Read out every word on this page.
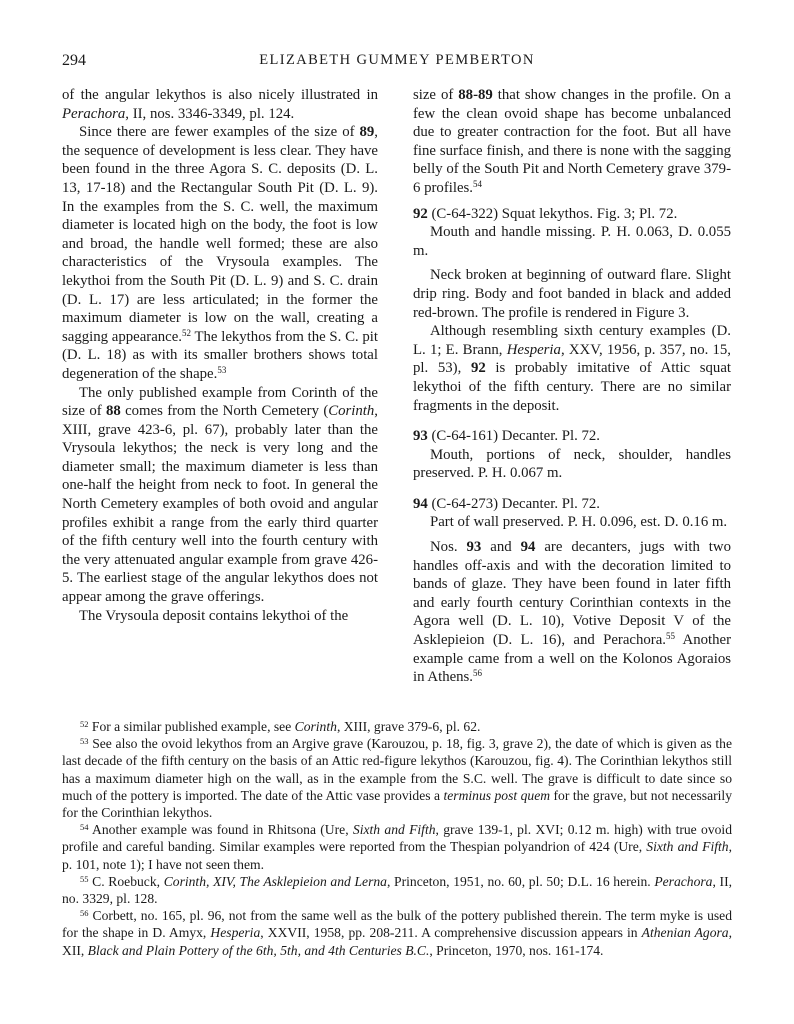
294	ELIZABETH GUMMEY PEMBERTON

of the angular lekythos is also nicely illustrated in Perachora, II, nos. 3346-3349, pl. 124.

Since there are fewer examples of the size of 89, the sequence of development is less clear. They have been found in the three Agora S. C. deposits (D. L. 13, 17-18) and the Rectangular South Pit (D. L. 9). In the examples from the S. C. well, the maximum diameter is located high on the body, the foot is low and broad, the handle well formed; these are also characteristics of the Vrysoula examples. The lekythoi from the South Pit (D. L. 9) and S. C. drain (D. L. 17) are less articulated; in the former the maximum diameter is low on the wall, creating a sagging appearance.$^{52}$ The lekythos from the S. C. pit (D. L. 18) as with its smaller brothers shows total degeneration of the shape.$^{53}$

The only published example from Corinth of the size of 88 comes from the North Cemetery (Corinth, XIII, grave 423-6, pl. 67), probably later than the Vrysoula lekythos; the neck is very long and the diameter small; the maximum diameter is less than one-half the height from neck to foot. In general the North Cemetery examples of both ovoid and angular profiles exhibit a range from the early third quarter of the fifth century well into the fourth century with the very attenuated angular example from grave 426-5. The earliest stage of the angular lekythos does not appear among the grave offerings.

The Vrysoula deposit contains lekythoi of the

size of 88-89 that show changes in the profile. On a few the clean ovoid shape has become unbalanced due to greater contraction for the foot. But all have fine surface finish, and there is none with the sagging belly of the South Pit and North Cemetery grave 379-6 profiles.$^{54}$

92 (C-64-322) Squat lekythos. Fig. 3; Pl. 72.

Mouth and handle missing. P. H. 0.063, D. 0.055 m.

Neck broken at beginning of outward flare. Slight drip ring. Body and foot banded in black and added red-brown. The profile is rendered in Figure 3.

Although resembling sixth century examples (D. L. 1; E. Brann, Hesperia, XXV, 1956, p. 357, no. 15, pl. 53), 92 is probably imitative of Attic squat lekythoi of the fifth century. There are no similar fragments in the deposit.

93 (C-64-161) Decanter. Pl. 72.

Mouth, portions of neck, shoulder, handles preserved. P. H. 0.067 m.

94 (C-64-273) Decanter. Pl. 72.

Part of wall preserved. P. H. 0.096, est. D. 0.16 m.

Nos. 93 and 94 are decanters, jugs with two handles off-axis and with the decoration limited to bands of glaze. They have been found in later fifth and early fourth century Corinthian contexts in the Agora well (D. L. 10), Votive Deposit V of the Asklepieion (D. L. 16), and Perachora.$^{55}$ Another example came from a well on the Kolonos Agoraios in Athens.$^{56}$

$^{52}$ For a similar published example, see Corinth, XIII, grave 379-6, pl. 62.

$^{53}$ See also the ovoid lekythos from an Argive grave (Karouzou, p. 18, fig. 3, grave 2), the date of which is given as the last decade of the fifth century on the basis of an Attic red-figure lekythos (Karouzou, fig. 4). The Corinthian lekythos still has a maximum diameter high on the wall, as in the example from the S.C. well. The grave is difficult to date since so much of the pottery is imported. The date of the Attic vase provides a terminus post quem for the grave, but not necessarily for the Corinthian lekythos.

$^{54}$ Another example was found in Rhitsona (Ure, Sixth and Fifth, grave 139-1, pl. XVI; 0.12 m. high) with true ovoid profile and careful banding. Similar examples were reported from the Thespian polyandrion of 424 (Ure, Sixth and Fifth, p. 101, note 1); I have not seen them.

$^{55}$ C. Roebuck, Corinth, XIV, The Asklepieion and Lerna, Princeton, 1951, no. 60, pl. 50; D.L. 16 herein. Perachora, II, no. 3329, pl. 128.

$^{56}$ Corbett, no. 165, pl. 96, not from the same well as the bulk of the pottery published therein. The term myke is used for the shape in D. Amyx, Hesperia, XXVII, 1958, pp. 208-211. A comprehensive discussion appears in Athenian Agora, XII, Black and Plain Pottery of the 6th, 5th, and 4th Centuries B.C., Princeton, 1970, nos. 161-174.
